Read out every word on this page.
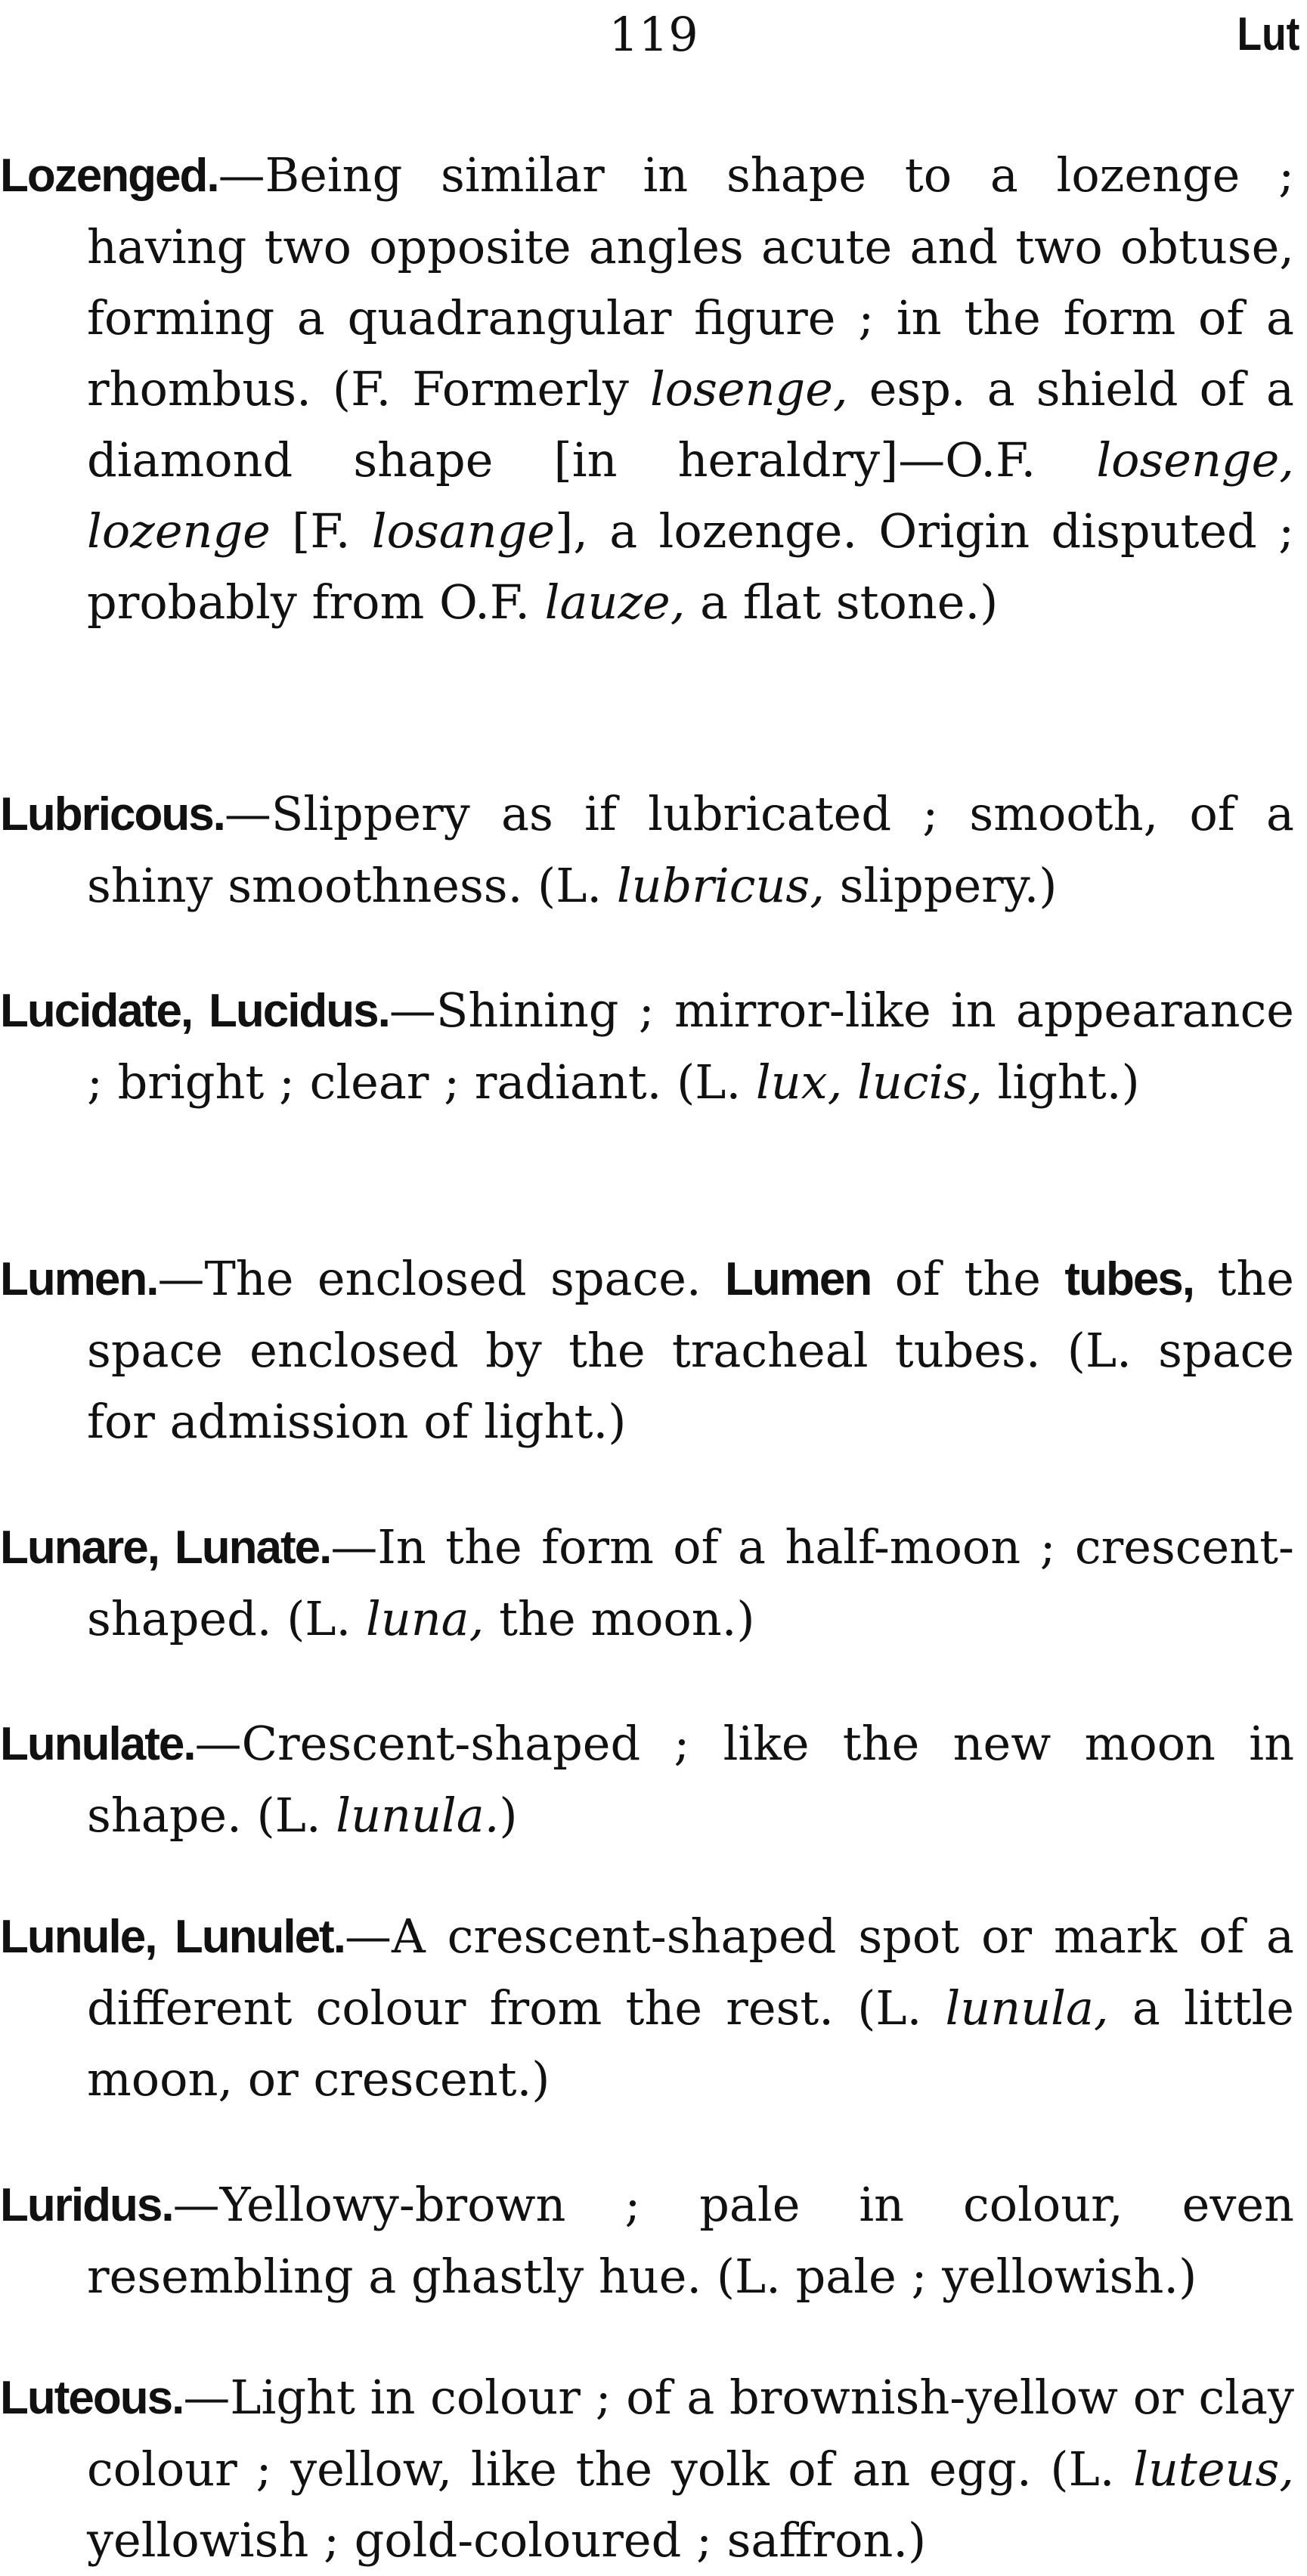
119	Lut

Lozenged.—Being similar in shape to a lozenge ; having two opposite angles acute and two obtuse, forming a quadrangular figure ; in the form of a rhombus. (F. Formerly losenge, esp. a shield of a diamond shape [in heraldry]—O.F. losenge, lozenge [F. losange], a lozenge. Origin disputed ; probably from O.F. lauze, a flat stone.)

Lubricous.—Slippery as if lubricated ; smooth, of a shiny smoothness. (L. lubricus, slippery.)

Lucidate, Lucidus.—Shining ; mirror-like in appearance ; bright ; clear ; radiant. (L. lux, lucis, light.)

Lumen.—The enclosed space. Lumen of the tubes, the space enclosed by the tracheal tubes. (L. space for admission of light.)

Lunare, Lunate.—In the form of a half-moon ; crescent-shaped. (L. luna, the moon.)

Lunulate.—Crescent-shaped ; like the new moon in shape. (L. lunula.)

Lunule, Lunulet.—A crescent-shaped spot or mark of a different colour from the rest. (L. lunula, a little moon, or crescent.)

Luridus.—Yellowy-brown ; pale in colour, even resembling a ghastly hue. (L. pale ; yellowish.)

Luteous.—Light in colour ; of a brownish-yellow or clay colour ; yellow, like the yolk of an egg. (L. luteus, yellowish ; gold-coloured ; saffron.)
